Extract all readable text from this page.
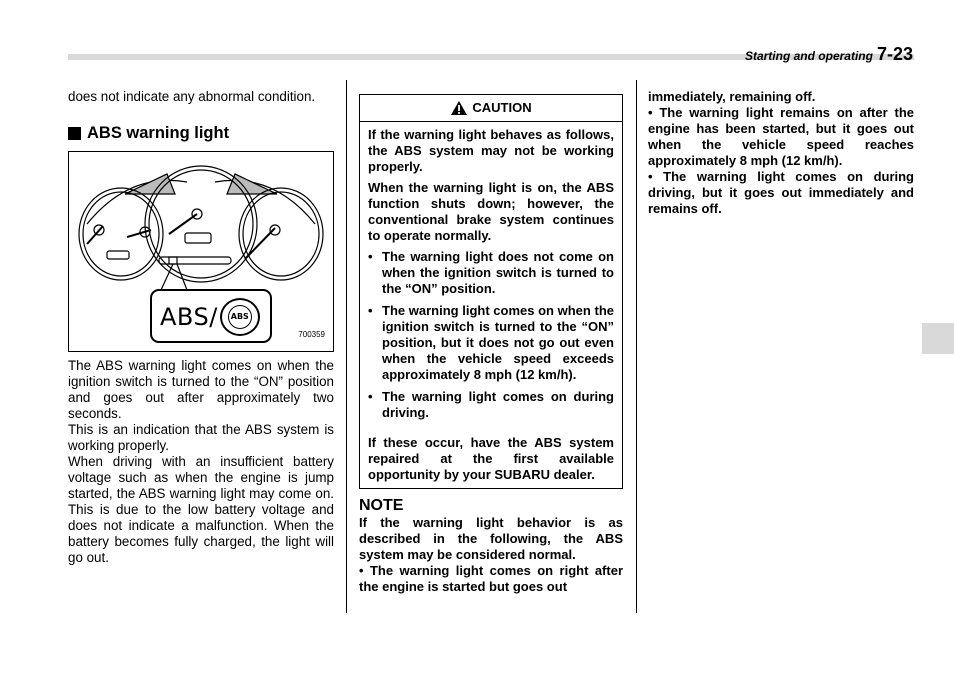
Starting and operating 7-23

does not indicate any abnormal condition.

ABS warning light

ABS/	ABS
700359

The ABS warning light comes on when the ignition switch is turned to the “ON” position and goes out after approximately two seconds.

This is an indication that the ABS system is working properly.

When driving with an insufficient battery voltage such as when the engine is jump started, the ABS warning light may come on. This is due to the low battery voltage and does not indicate a malfunction. When the battery becomes fully charged, the light will go out.

CAUTION

If the warning light behaves as follows, the ABS system may not be working properly.

When the warning light is on, the ABS function shuts down; however, the conventional brake system continues to operate normally.

• The warning light does not come on when the ignition switch is turned to the “ON” position.
• The warning light comes on when the ignition switch is turned to the “ON” position, but it does not go out even when the vehicle speed exceeds approximately 8 mph (12 km/h).
• The warning light comes on during driving.

If these occur, have the ABS system repaired at the first available opportunity by your SUBARU dealer.

NOTE
If the warning light behavior is as described in the following, the ABS system may be considered normal.
• The warning light comes on right after the engine is started but goes out
immediately, remaining off.
• The warning light remains on after the engine has been started, but it goes out when the vehicle speed reaches approximately 8 mph (12 km/h).
• The warning light comes on during driving, but it goes out immediately and remains off.
